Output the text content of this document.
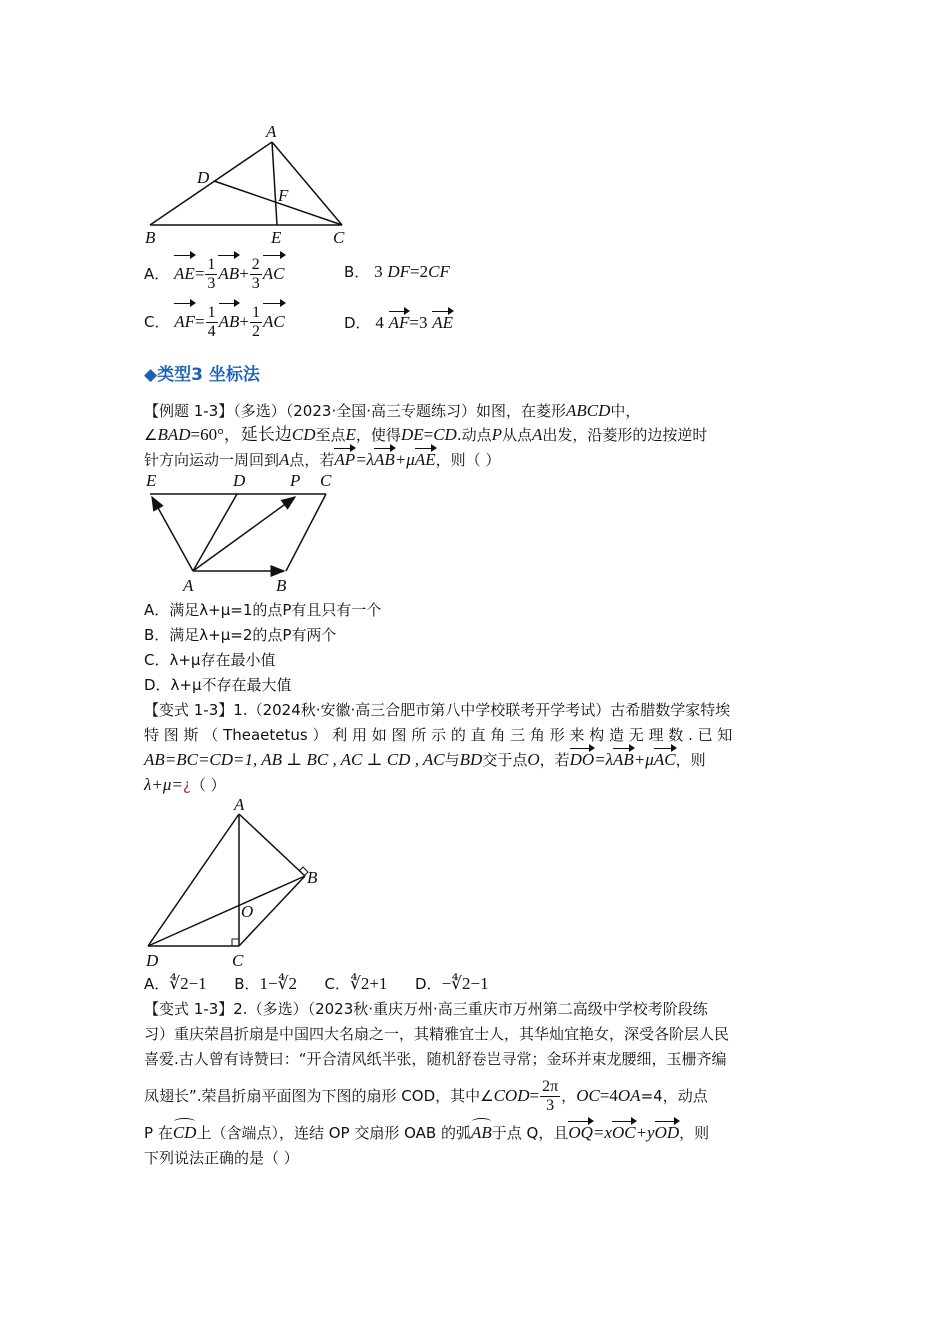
A
D
F
B	E	C
A． $AE= \frac{1}{3} AB+ \frac{2}{3}$ AC	B． 3 DF=2CF
C． $AF= \frac{1}{4} AB+ \frac{1}{2}$ AC	D． 4 AF=3 AE
◆类型3 坐标法
【例题 1-3】（多选）（2023·全国·高三专题练习）如图，在菱形ABCD中，
∠BAD=60°，延长边CD至点E，使得DE=CD.动点P从点A出发，沿菱形的边按逆时
针方向运动一周回到A点，若AP=λAB+μAE，则（ ）
E	D	P C
A	B
A．满足λ+μ=1的点P有且只有一个
B．满足λ+μ=2的点P有两个
C．λ+μ存在最小值
D．λ+μ不存在最大值
【变式 1-3】1.（2024秋·安徽·高三合肥市第八中学校联考开学考试）古希腊数学家特埃
特 图 斯 （ Theaetetus ） 利 用 如 图 所 示 的 直 角 三 角 形 来 构 造 无 理 数 . 已 知
AB=BC=CD=1, AB ⊥ BC , AC ⊥ CD , AC与BD交于点O，若DO=λAB+μAC，则
λ+μ=¿（ ）
A
B
O
D	C
A．∜2−1 B．1−∜2 C．∜2+1 D．−∜2−1
【变式 1-3】2.（多选）（2023秋·重庆万州·高三重庆市万州第二高级中学校考阶段练
习）重庆荣昌折扇是中国四大名扇之一，其精雅宜士人，其华灿宜艳女，深受各阶层人民
喜爱.古人曾有诗赞曰：“开合清风纸半张，随机舒卷岂寻常；金环并束龙腰细，玉栅齐编
凤翅长”.荣昌折扇平面图为下图的扇形 COD，其中∠COD= $\frac{2\pi}{3}$ ，OC=4OA=4，动点
P 在CD上（含端点），连结 OP 交扇形 OAB 的弧AB于点 Q，且OQ=xOC+yOD，则
下列说法正确的是（ ）
